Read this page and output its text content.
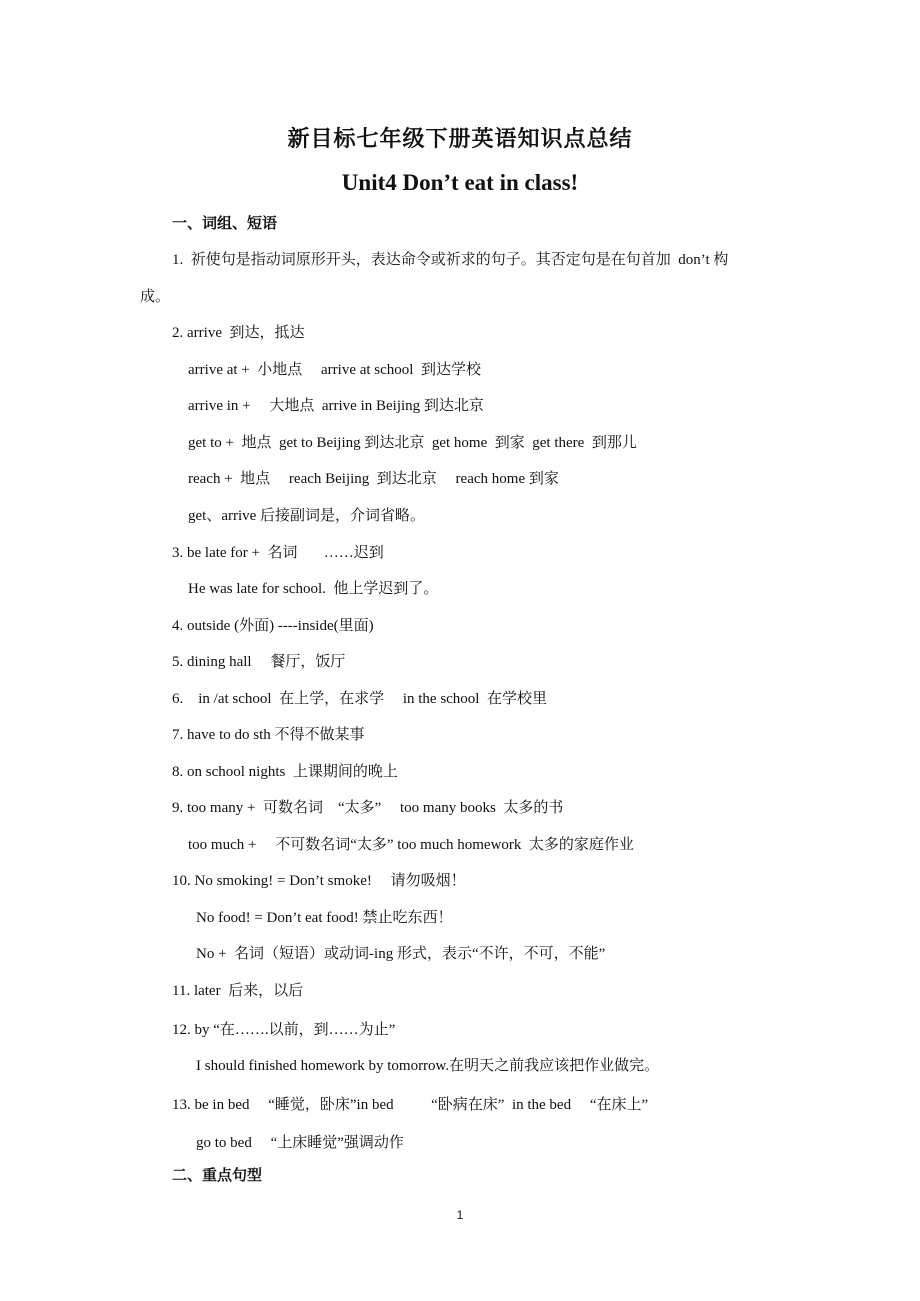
新目标七年级下册英语知识点总结
Unit4 Don’t eat in class!
一、词组、短语
1.  祈使句是指动词原形开头，表达命令或祈求的句子。其否定句是在句首加  don’t 构
成。
2. arrive  到达，抵达
arrive at +  小地点     arrive at school  到达学校
arrive in +     大地点  arrive in Beijing 到达北京
get to +  地点  get to Beijing 到达北京  get home  到家  get there  到那儿
reach +  地点     reach Beijing  到达北京     reach home 到家
get、arrive 后接副词是，介词省略。
3. be late for +  名词       ……迟到
He was late for school.  他上学迟到了。
4. outside (外面) ----inside(里面)
5. dining hall     餐厅，饭厅
6.    in /at school  在上学，在求学     in the school  在学校里
7. have to do sth 不得不做某事
8. on school nights  上课期间的晚上
9. too many +  可数名词    “太多”     too many books  太多的书
too much +     不可数名词“太多” too much homework  太多的家庭作业
10. No smoking! = Don’t smoke!     请勿吸烟！
No food! = Don’t eat food! 禁止吃东西！
No +  名词（短语）或动词-ing 形式，表示“不许，不可，不能”
11. later  后来，以后
12. by “在…….以前，到……为止”
I should finished homework by tomorrow.在明天之前我应该把作业做完。
13. be in bed     “睡觉，卧床”in bed          “卧病在床”  in the bed     “在床上”
go to bed     “上床睡觉”强调动作
二、重点句型
1
